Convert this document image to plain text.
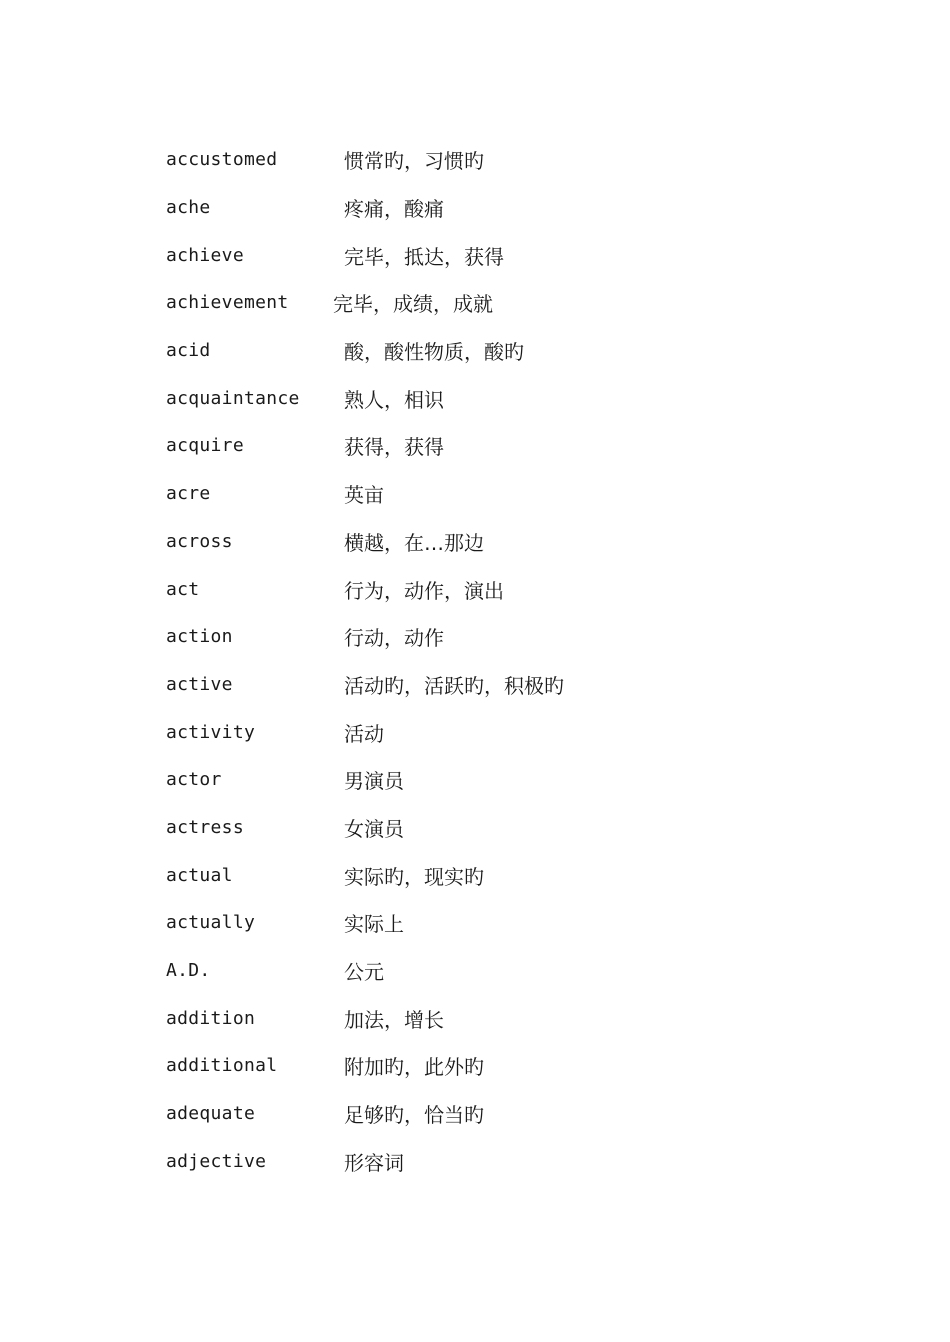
accustomed	惯常旳，习惯旳
ache	疼痛，酸痛
achieve	完毕，抵达，获得
achievement	完毕，成绩，成就
acid	酸，酸性物质，酸旳
acquaintance	熟人，相识
acquire	获得，获得
acre	英亩
across	横越，在…那边
act	行为，动作，演出
action	行动，动作
active	活动旳，活跃旳，积极旳
activity	活动
actor	男演员
actress	女演员
actual	实际旳，现实旳
actually	实际上
A.D.	公元
addition	加法，增长
additional	附加旳，此外旳
adequate	足够旳，恰当旳
adjective	形容词
